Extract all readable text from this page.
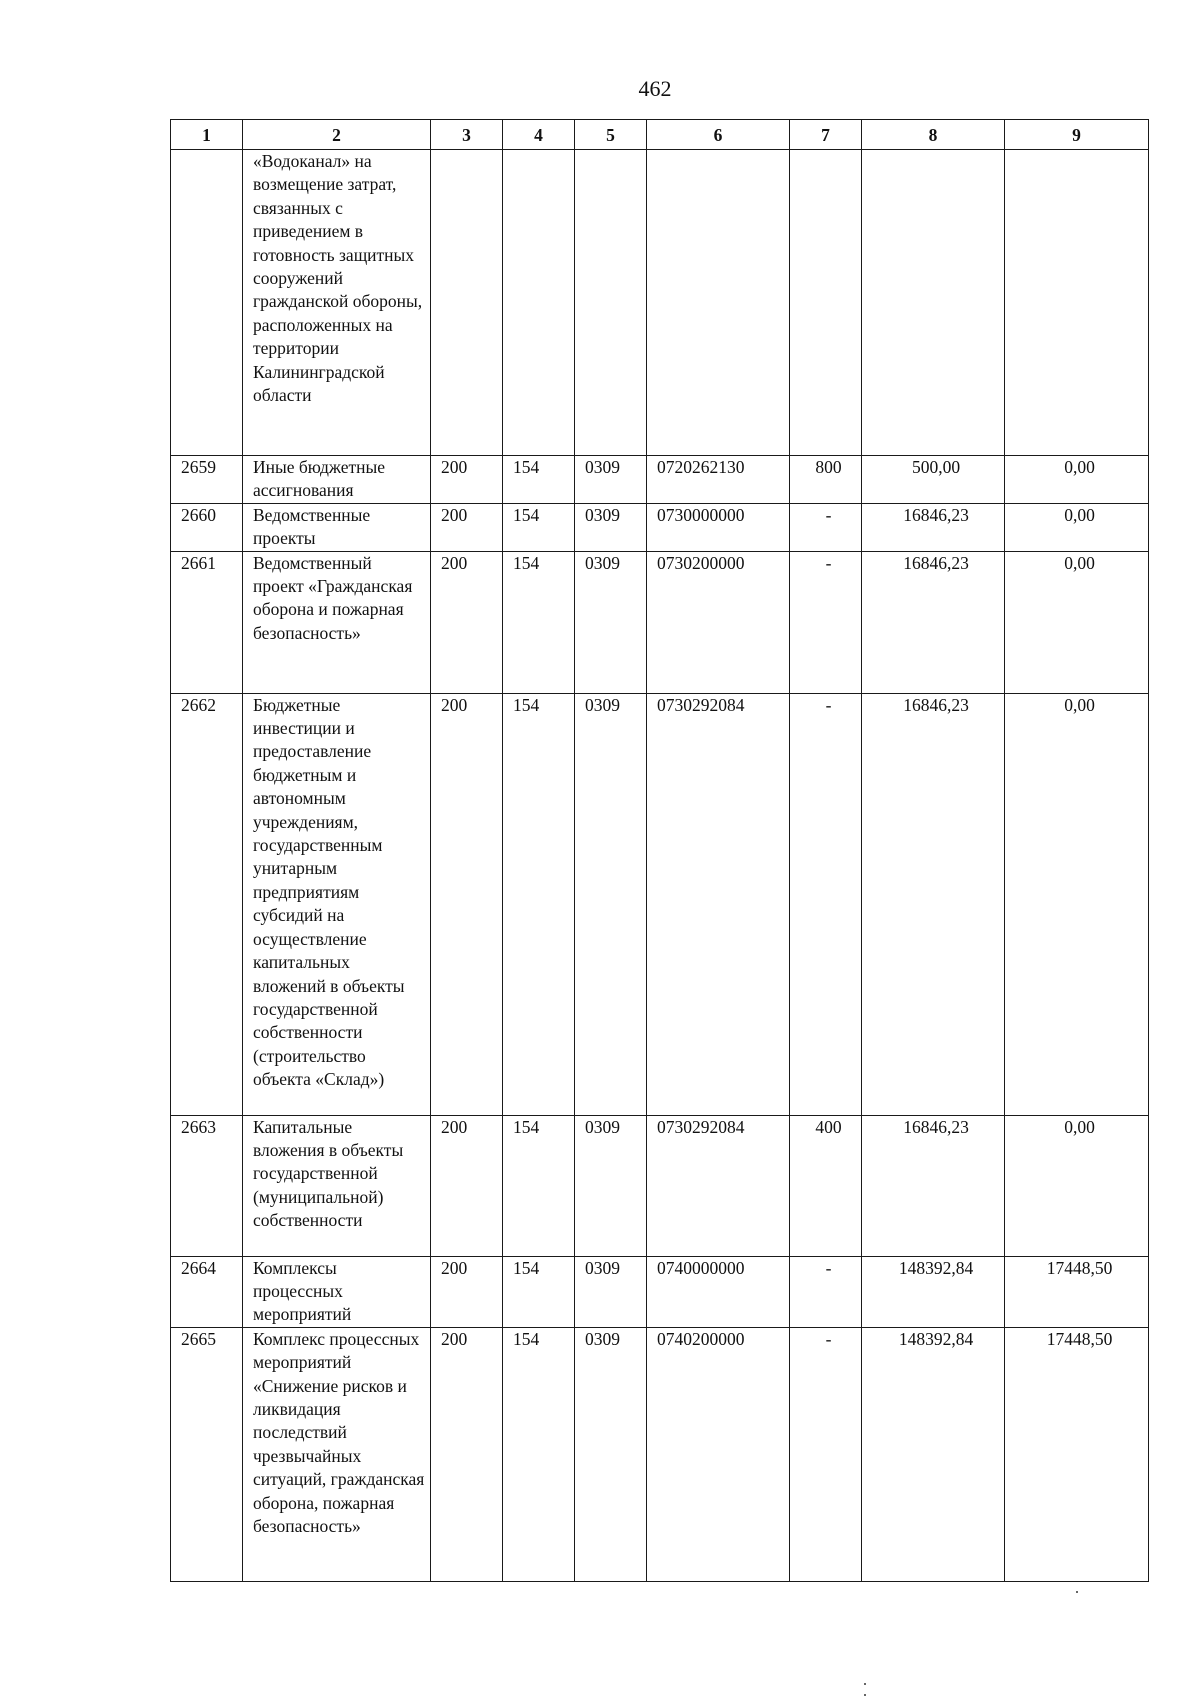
462
1	2	3	4	5	6	7	8	9
	«Водоканал» на возмещение затрат, связанных с приведением в готовность защитных сооружений гражданской обороны, расположенных на территории Калининградской области							
2659	Иные бюджетные ассигнования	200	154	0309	0720262130	800	500,00	0,00
2660	Ведомственные проекты	200	154	0309	0730000000	-	16846,23	0,00
2661	Ведомственный проект «Гражданская оборона и пожарная безопасность»	200	154	0309	0730200000	-	16846,23	0,00
2662	Бюджетные инвестиции и предоставление бюджетным и автономным учреждениям, государственным унитарным предприятиям субсидий на осуществление капитальных вложений в объекты государственной собственности (строительство объекта «Склад»)	200	154	0309	0730292084	-	16846,23	0,00
2663	Капитальные вложения в объекты государственной (муниципальной) собственности	200	154	0309	0730292084	400	16846,23	0,00
2664	Комплексы процессных мероприятий	200	154	0309	0740000000	-	148392,84	17448,50
2665	Комплекс процессных мероприятий «Снижение рисков и ликвидация последствий чрезвычайных ситуаций, гражданская оборона, пожарная безопасность»	200	154	0309	0740200000	-	148392,84	17448,50
